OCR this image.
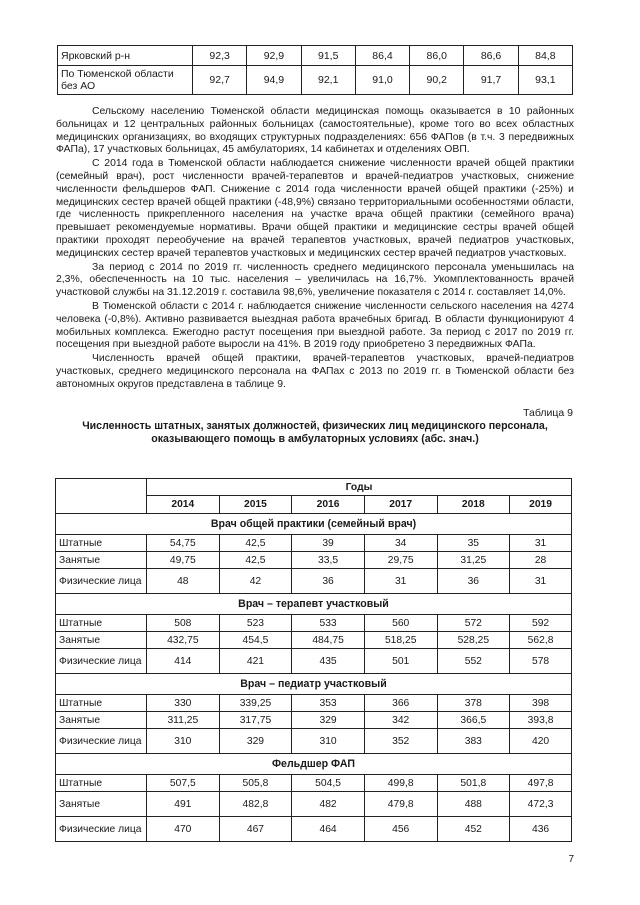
Ярковский р-н	92,3	92,9	91,5	86,4	86,0	86,6	84,8
По Тюменской области без АО	92,7	94,9	92,1	91,0	90,2	91,7	93,1

Сельскому населению Тюменской области медицинская помощь оказывается в 10 районных больницах и 12 центральных районных больницах (самостоятельные), кроме того во всех областных медицинских организациях, во входящих структурных подразделениях: 656 ФАПов (в т.ч. 3 передвижных ФАПа), 17 участковых больницах, 45 амбулаториях, 14 кабинетах и отделениях ОВП.

С 2014 года в Тюменской области наблюдается снижение численности врачей общей практики (семейный врач), рост численности врачей-терапевтов и врачей-педиатров участковых, снижение численности фельдшеров ФАП. Снижение с 2014 года численности врачей общей практики (-25%) и медицинских сестер врачей общей практики (-48,9%) связано территориальными особенностями области, где численность прикрепленного населения на участке врача общей практики (семейного врача) превышает рекомендуемые нормативы. Врачи общей практики и медицинские сестры врачей общей практики проходят переобучение на врачей терапевтов участковых, врачей педиатров участковых, медицинских сестер врачей терапевтов участковых и медицинских сестер врачей педиатров участковых.

За период с 2014 по 2019 гг. численность среднего медицинского персонала уменьшилась на 2,3%, обеспеченность на 10 тыс. населения – увеличилась на 16,7%. Укомплектованность врачей участковой службы на 31.12.2019 г. составила 98,6%, увеличение показателя с 2014 г. составляет 14,0%.

В Тюменской области с 2014 г. наблюдается снижение численности сельского населения на 4274 человека (-0,8%). Активно развивается выездная работа врачебных бригад. В области функционируют 4 мобильных комплекса. Ежегодно растут посещения при выездной работе. За период с 2017 по 2019 гг. посещения при выездной работе выросли на 41%. В 2019 году приобретено 3 передвижных ФАПа.

Численность врачей общей практики, врачей-терапевтов участковых, врачей-педиатров участковых, среднего медицинского персонала на ФАПах с 2013 по 2019 гг. в Тюменской области без автономных округов представлена в таблице 9.

Таблица 9
Численность штатных, занятых должностей, физических лиц медицинского персонала, оказывающего помощь в амбулаторных условиях (абс. знач.)
	Годы					
	2014	2015	2016	2017	2018	2019
Врач общей практики (семейный врач)						
Штатные	54,75	42,5	39	34	35	31
Занятые	49,75	42,5	33,5	29,75	31,25	28
Физические лица	48	42	36	31	36	31
Врач – терапевт участковый						
Штатные	508	523	533	560	572	592
Занятые	432,75	454,5	484,75	518,25	528,25	562,8
Физические лица	414	421	435	501	552	578
Врач – педиатр участковый						
Штатные	330	339,25	353	366	378	398
Занятые	311,25	317,75	329	342	366,5	393,8
Физические лица	310	329	310	352	383	420
Фельдшер ФАП						
Штатные	507,5	505,8	504,5	499,8	501,8	497,8
Занятые	491	482,8	482	479,8	488	472,3
Физические лица	470	467	464	456	452	436
7
